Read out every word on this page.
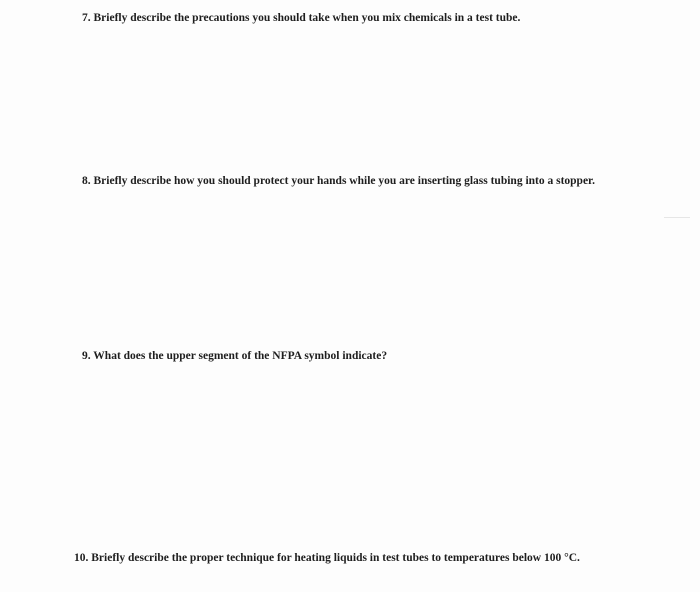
7. Briefly describe the precautions you should take when you mix chemicals in a test tube.
8. Briefly describe how you should protect your hands while you are inserting glass tubing into a stopper.
9. What does the upper segment of the NFPA symbol indicate?
10. Briefly describe the proper technique for heating liquids in test tubes to temperatures below 100 °C.
